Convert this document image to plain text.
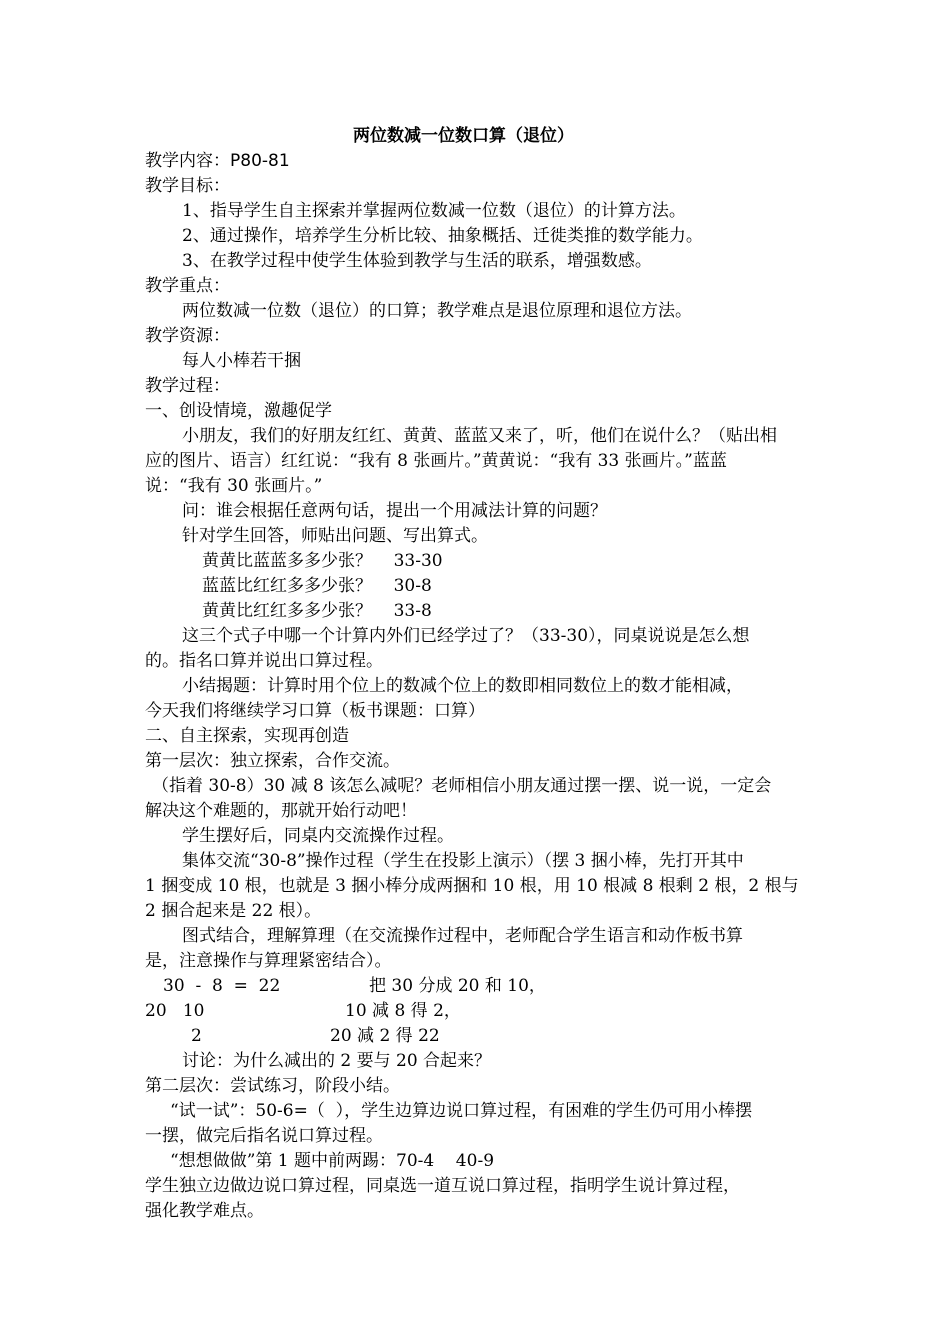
两位数减一位数口算（退位）
教学内容：P80-81
教学目标：
1、指导学生自主探索并掌握两位数减一位数（退位）的计算方法。
2、通过操作，培养学生分析比较、抽象概括、迁徙类推的数学能力。
3、在教学过程中使学生体验到教学与生活的联系，增强数感。
教学重点：
两位数减一位数（退位）的口算；教学难点是退位原理和退位方法。
教学资源：
每人小棒若干捆
教学过程：
一、创设情境，激趣促学
小朋友，我们的好朋友红红、黄黄、蓝蓝又来了，听，他们在说什么？（贴出相
应的图片、语言）红红说：“我有 8 张画片。”黄黄说：“我有 33 张画片。”蓝蓝
说：“我有 30 张画片。”
问：谁会根据任意两句话，提出一个用减法计算的问题？
针对学生回答，师贴出问题、写出算式。
黄黄比蓝蓝多多少张？    33-30
蓝蓝比红红多多少张？    30-8
黄黄比红红多多少张？    33-8
这三个式子中哪一个计算内外们已经学过了？（33-30），同桌说说是怎么想
的。指名口算并说出口算过程。
小结揭题：计算时用个位上的数减个位上的数即相同数位上的数才能相减，
今天我们将继续学习口算（板书课题：口算）
二、自主探索，实现再创造
第一层次：独立探索，合作交流。
（指着 30-8）30 减 8 该怎么减呢？老师相信小朋友通过摆一摆、说一说，一定会
解决这个难题的，那就开始行动吧！
学生摆好后，同桌内交流操作过程。
集体交流“30-8”操作过程（学生在投影上演示）（摆 3 捆小棒，先打开其中
1 捆变成 10 根，也就是 3 捆小棒分成两捆和 10 根，用 10 根减 8 根剩 2 根，2 根与
2 捆合起来是 22 根）。
图式结合，理解算理（在交流操作过程中，老师配合学生语言和动作板书算
是，注意操作与算理紧密结合）。
30  -  8  =  22	把 30 分成 20 和 10，
20   10	10 减 8 得 2，
2	20 减 2 得 22
讨论：为什么减出的 2 要与 20 合起来？
第二层次：尝试练习，阶段小结。
“试一试”：50-6=（  ），学生边算边说口算过程，有困难的学生仍可用小棒摆
一摆，做完后指名说口算过程。
“想想做做”第 1 题中前两踢：70-4    40-9
学生独立边做边说口算过程，同桌选一道互说口算过程，指明学生说计算过程，
强化教学难点。
